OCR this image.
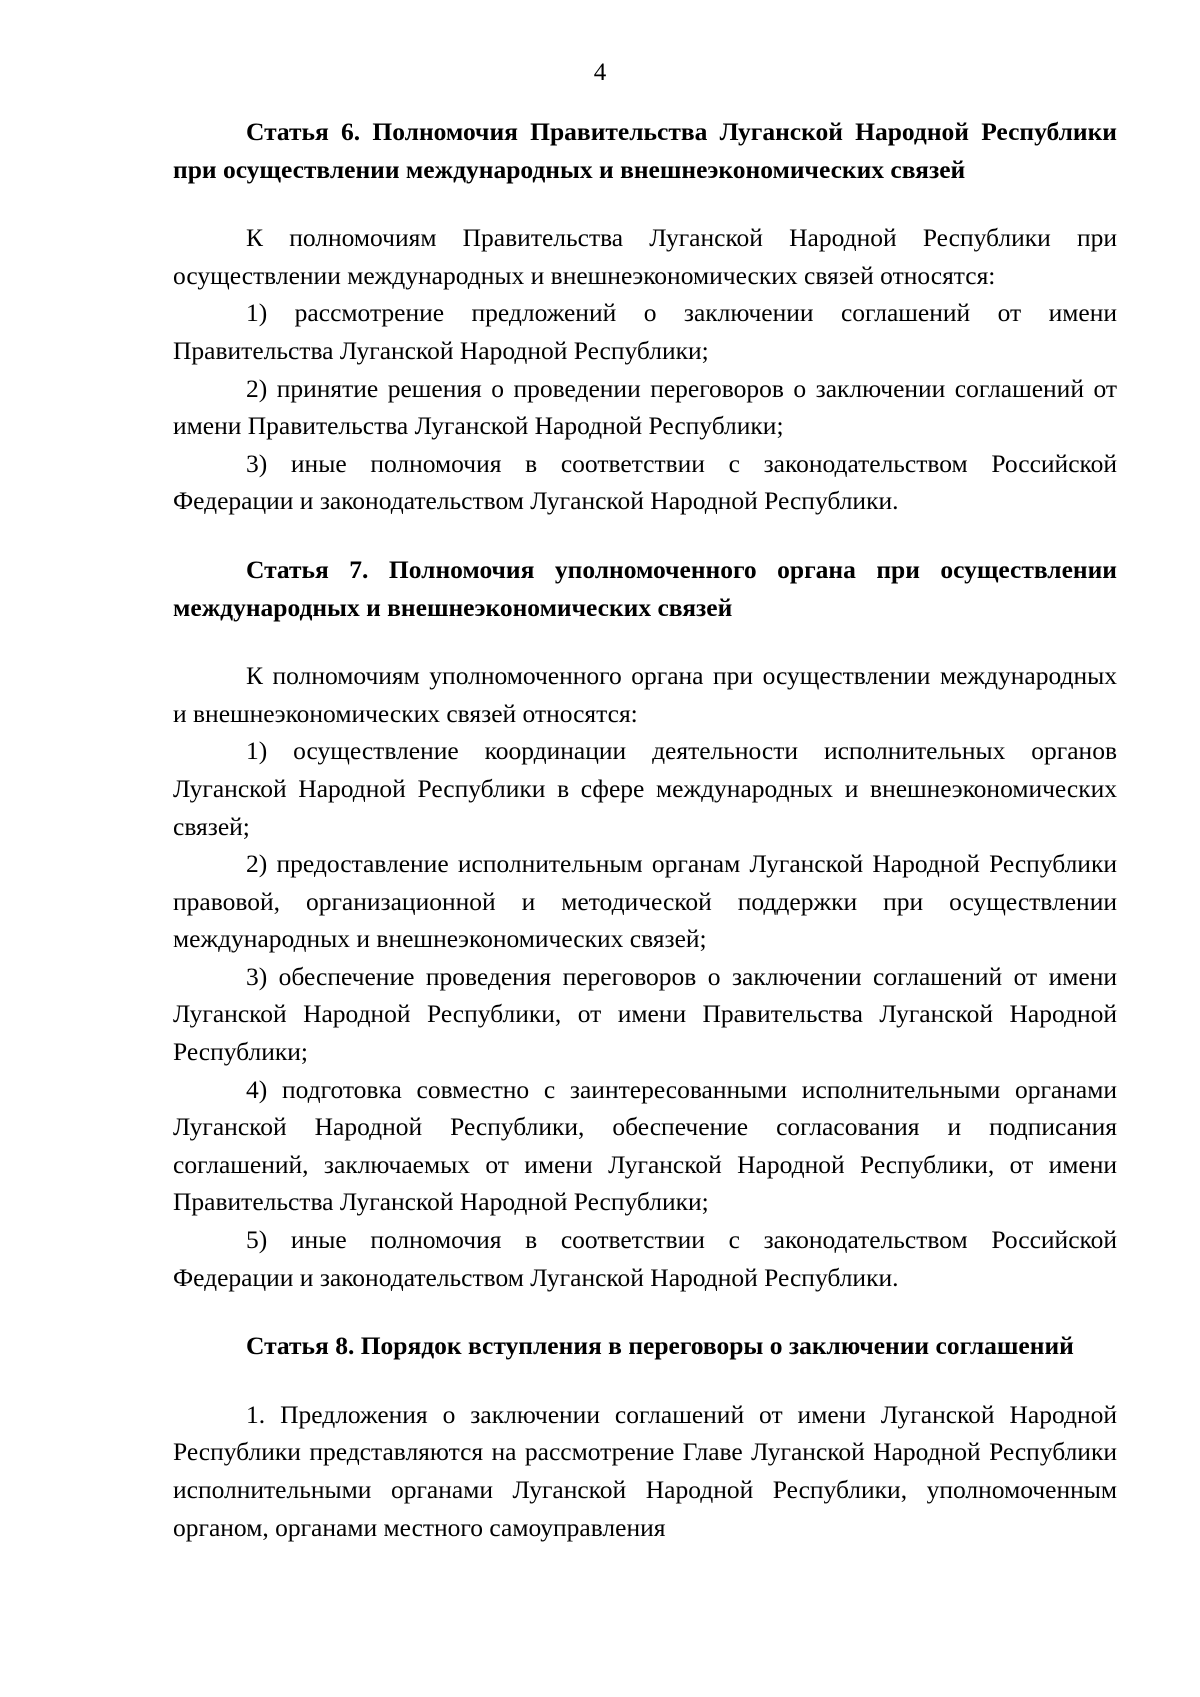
4

Статья 6. Полномочия Правительства Луганской Народной Республики при осуществлении международных и внешнеэкономических связей

К полномочиям Правительства Луганской Народной Республики при осуществлении международных и внешнеэкономических связей относятся:

1) рассмотрение предложений о заключении соглашений от имени Правительства Луганской Народной Республики;

2) принятие решения о проведении переговоров о заключении соглашений от имени Правительства Луганской Народной Республики;

3) иные полномочия в соответствии с законодательством Российской Федерации и законодательством Луганской Народной Республики.

Статья 7. Полномочия уполномоченного органа при осуществлении международных и внешнеэкономических связей

К полномочиям уполномоченного органа при осуществлении международных и внешнеэкономических связей относятся:

1) осуществление координации деятельности исполнительных органов Луганской Народной Республики в сфере международных и внешнеэкономических связей;

2) предоставление исполнительным органам Луганской Народной Республики правовой, организационной и методической поддержки при осуществлении международных и внешнеэкономических связей;

3) обеспечение проведения переговоров о заключении соглашений от имени Луганской Народной Республики, от имени Правительства Луганской Народной Республики;

4) подготовка совместно с заинтересованными исполнительными органами Луганской Народной Республики, обеспечение согласования и подписания соглашений, заключаемых от имени Луганской Народной Республики, от имени Правительства Луганской Народной Республики;

5) иные полномочия в соответствии с законодательством Российской Федерации и законодательством Луганской Народной Республики.

Статья 8. Порядок вступления в переговоры о заключении соглашений

1. Предложения о заключении соглашений от имени Луганской Народной Республики представляются на рассмотрение Главе Луганской Народной Республики исполнительными органами Луганской Народной Республики, уполномоченным органом, органами местного самоуправления
